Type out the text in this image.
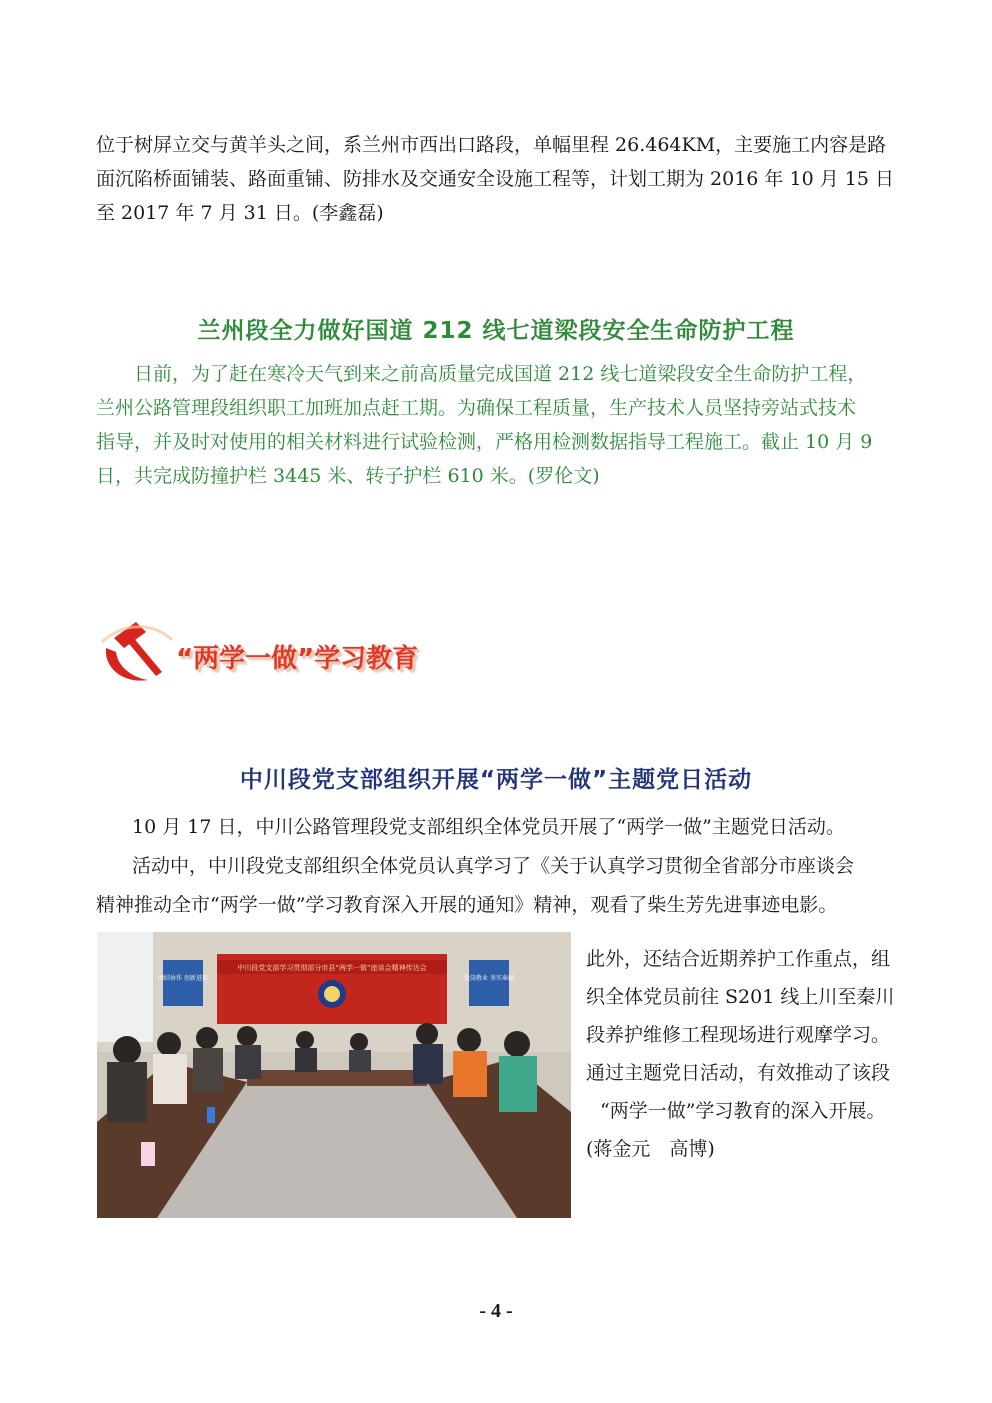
位于树屏立交与黄羊头之间，系兰州市西出口路段，单幅里程 26.464KM，主要施工内容是路
面沉陷桥面铺装、路面重铺、防排水及交通安全设施工程等，计划工期为 2016 年 10 月 15 日
至 2017 年 7 月 31 日。(李鑫磊)
兰州段全力做好国道 212 线七道梁段安全生命防护工程
日前，为了赶在寒冷天气到来之前高质量完成国道 212 线七道梁段安全生命防护工程，
兰州公路管理段组织职工加班加点赶工期。为确保工程质量，生产技术人员坚持旁站式技术
指导，并及时对使用的相关材料进行试验检测，严格用检测数据指导工程施工。截止 10 月 9
日，共完成防撞护栏 3445 米、转子护栏 610 米。(罗伦文)
“两学一做”学习教育
中川段党支部组织开展“两学一做”主题党日活动
10 月 17 日，中川公路管理段党支部组织全体党员开展了“两学一做”主题党日活动。
活动中，中川段党支部组织全体党员认真学习了《关于认真学习贯彻全省部分市座谈会
精神推动全市“两学一做”学习教育深入开展的通知》精神，观看了柴生芳先进事迹电影。
中川段党支部学习贯彻部分市县“两学一做”座谈会精神传达会
团结协作 创新进取	爱岗敬业 务实奉献
此外，还结合近期养护工作重点，组
织全体党员前往 S201 线上川至秦川
段养护维修工程现场进行观摩学习。
通过主题党日活动，有效推动了该段
“两学一做”学习教育的深入开展。
(蒋金元　高博)
- 4 -
